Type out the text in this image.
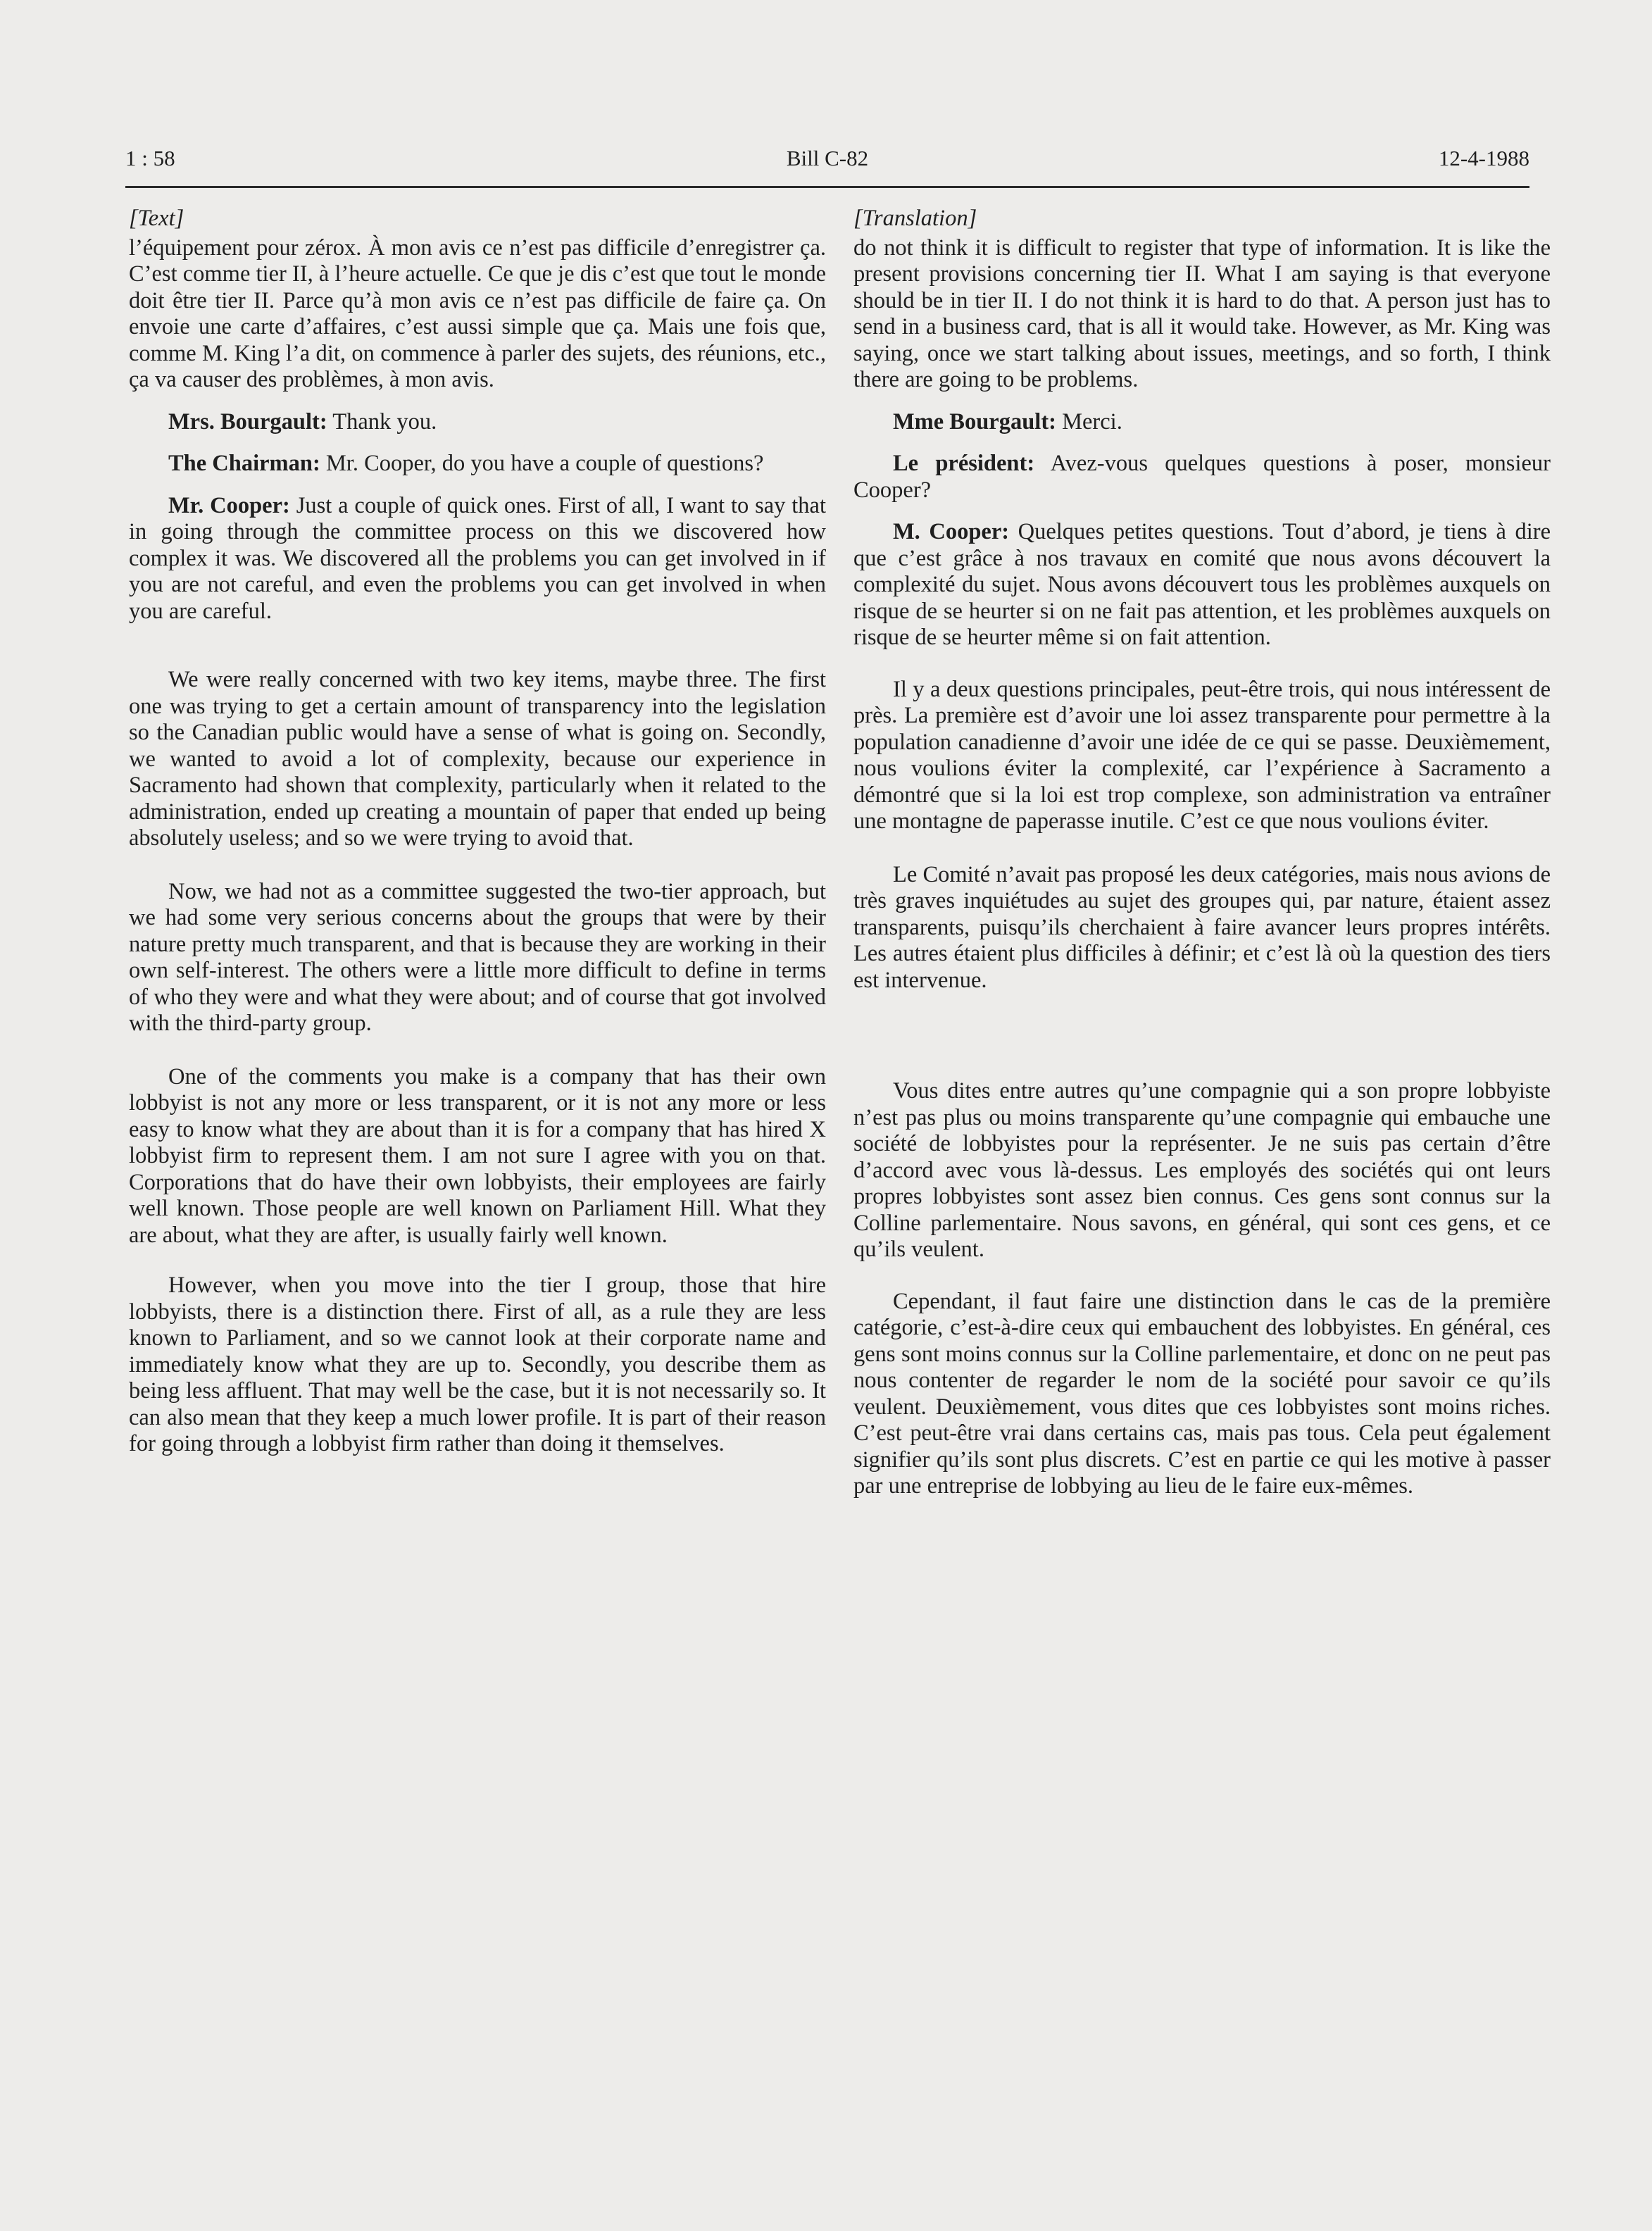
1 : 58	Bill C-82	12-4-1988
[Text]

l’équipement pour zérox. À mon avis ce n’est pas difficile d’enregistrer ça. C’est comme tier II, à l’heure actuelle. Ce que je dis c’est que tout le monde doit être tier II. Parce qu’à mon avis ce n’est pas difficile de faire ça. On envoie une carte d’affaires, c’est aussi simple que ça. Mais une fois que, comme M. King l’a dit, on commence à parler des sujets, des réunions, etc., ça va causer des problèmes, à mon avis.

Mrs. Bourgault: Thank you.

The Chairman: Mr. Cooper, do you have a couple of questions?

Mr. Cooper: Just a couple of quick ones. First of all, I want to say that in going through the committee process on this we discovered how complex it was. We discovered all the problems you can get involved in if you are not careful, and even the problems you can get involved in when you are careful.

We were really concerned with two key items, maybe three. The first one was trying to get a certain amount of transparency into the legislation so the Canadian public would have a sense of what is going on. Secondly, we wanted to avoid a lot of complexity, because our experience in Sacramento had shown that complexity, particularly when it related to the administration, ended up creating a mountain of paper that ended up being absolutely useless; and so we were trying to avoid that.

Now, we had not as a committee suggested the two-tier approach, but we had some very serious concerns about the groups that were by their nature pretty much transparent, and that is because they are working in their own self-interest. The others were a little more difficult to define in terms of who they were and what they were about; and of course that got involved with the third-party group.

One of the comments you make is a company that has their own lobbyist is not any more or less transparent, or it is not any more or less easy to know what they are about than it is for a company that has hired X lobbyist firm to represent them. I am not sure I agree with you on that. Corporations that do have their own lobbyists, their employees are fairly well known. Those people are well known on Parliament Hill. What they are about, what they are after, is usually fairly well known.

However, when you move into the tier I group, those that hire lobbyists, there is a distinction there. First of all, as a rule they are less known to Parliament, and so we cannot look at their corporate name and immediately know what they are up to. Secondly, you describe them as being less affluent. That may well be the case, but it is not necessarily so. It can also mean that they keep a much lower profile. It is part of their reason for going through a lobbyist firm rather than doing it themselves.

[Translation]

do not think it is difficult to register that type of information. It is like the present provisions concerning tier II. What I am saying is that everyone should be in tier II. I do not think it is hard to do that. A person just has to send in a business card, that is all it would take. However, as Mr. King was saying, once we start talking about issues, meetings, and so forth, I think there are going to be problems.

Mme Bourgault: Merci.

Le président: Avez-vous quelques questions à poser, monsieur Cooper?

M. Cooper: Quelques petites questions. Tout d’abord, je tiens à dire que c’est grâce à nos travaux en comité que nous avons découvert la complexité du sujet. Nous avons découvert tous les problèmes auxquels on risque de se heurter si on ne fait pas attention, et les problèmes auxquels on risque de se heurter même si on fait attention.

Il y a deux questions principales, peut-être trois, qui nous intéressent de près. La première est d’avoir une loi assez transparente pour permettre à la population canadienne d’avoir une idée de ce qui se passe. Deuxièmement, nous voulions éviter la complexité, car l’expérience à Sacramento a démontré que si la loi est trop complexe, son administration va entraîner une montagne de paperasse inutile. C’est ce que nous voulions éviter.

Le Comité n’avait pas proposé les deux catégories, mais nous avions de très graves inquiétudes au sujet des groupes qui, par nature, étaient assez transparents, puisqu’ils cherchaient à faire avancer leurs propres intérêts. Les autres étaient plus difficiles à définir; et c’est là où la question des tiers est intervenue.

Vous dites entre autres qu’une compagnie qui a son propre lobbyiste n’est pas plus ou moins transparente qu’une compagnie qui embauche une société de lobbyistes pour la représenter. Je ne suis pas certain d’être d’accord avec vous là-dessus. Les employés des sociétés qui ont leurs propres lobbyistes sont assez bien connus. Ces gens sont connus sur la Colline parlementaire. Nous savons, en général, qui sont ces gens, et ce qu’ils veulent.

Cependant, il faut faire une distinction dans le cas de la première catégorie, c’est-à-dire ceux qui embauchent des lobbyistes. En général, ces gens sont moins connus sur la Colline parlementaire, et donc on ne peut pas nous contenter de regarder le nom de la société pour savoir ce qu’ils veulent. Deuxièmement, vous dites que ces lobbyistes sont moins riches. C’est peut-être vrai dans certains cas, mais pas tous. Cela peut également signifier qu’ils sont plus discrets. C’est en partie ce qui les motive à passer par une entreprise de lobbying au lieu de le faire eux-mêmes.
